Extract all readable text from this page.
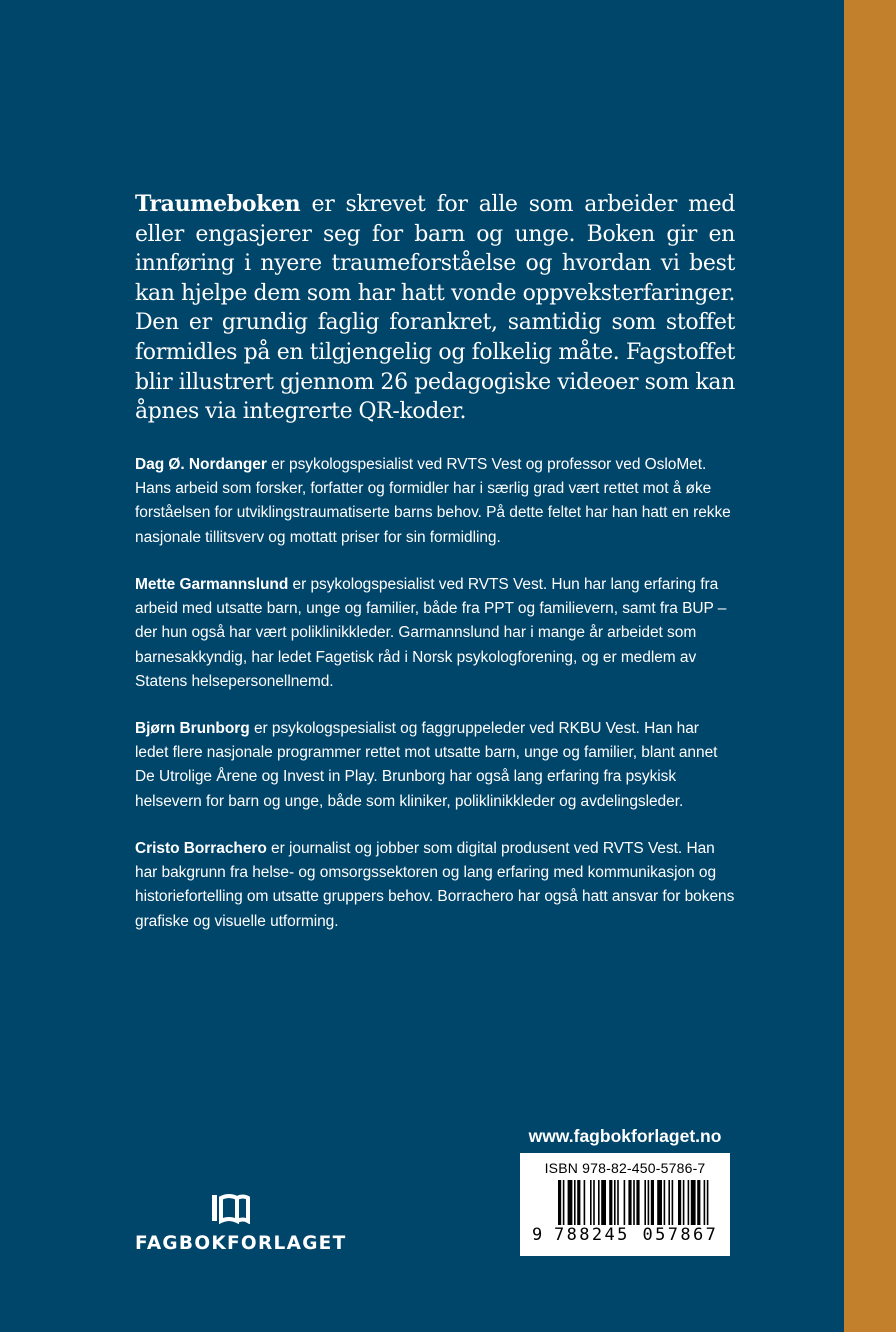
Traumeboken er skrevet for alle som arbeider med eller engasjerer seg for barn og unge. Boken gir en innføring i nyere traumeforståelse og hvordan vi best kan hjelpe dem som har hatt vonde oppveksterfaringer. Den er grundig faglig forankret, samtidig som stoffet formidles på en tilgjengelig og folkelig måte. Fagstoffet blir illustrert gjennom 26 pedagogiske videoer som kan åpnes via integrerte QR-koder.

Dag Ø. Nordanger er psykologspesialist ved RVTS Vest og professor ved OsloMet. Hans arbeid som forsker, forfatter og formidler har i særlig grad vært rettet mot å øke forståelsen for utviklingstraumatiserte barns behov. På dette feltet har han hatt en rekke nasjonale tillitsverv og mottatt priser for sin formidling.

Mette Garmannslund er psykologspesialist ved RVTS Vest. Hun har lang erfaring fra arbeid med utsatte barn, unge og familier, både fra PPT og familievern, samt fra BUP – der hun også har vært poliklinikkleder. Garmannslund har i mange år arbeidet som barnesakkyndig, har ledet Fagetisk råd i Norsk psykologforening, og er medlem av Statens helsepersonellnemd.

Bjørn Brunborg er psykologspesialist og faggruppeleder ved RKBU Vest. Han har ledet flere nasjonale programmer rettet mot utsatte barn, unge og familier, blant annet De Utrolige Årene og Invest in Play. Brunborg har også lang erfaring fra psykisk helsevern for barn og unge, både som kliniker, poliklinikkleder og avdelingsleder.

Cristo Borrachero er journalist og jobber som digital produsent ved RVTS Vest. Han har bakgrunn fra helse- og omsorgssektoren og lang erfaring med kommunikasjon og historiefortelling om utsatte gruppers behov. Borrachero har også hatt ansvar for bokens grafiske og visuelle utforming.

www.fagbokforlaget.no
ISBN 978-82-450-5786-7
9 788245 057867
FAGBOKFORLAGET
